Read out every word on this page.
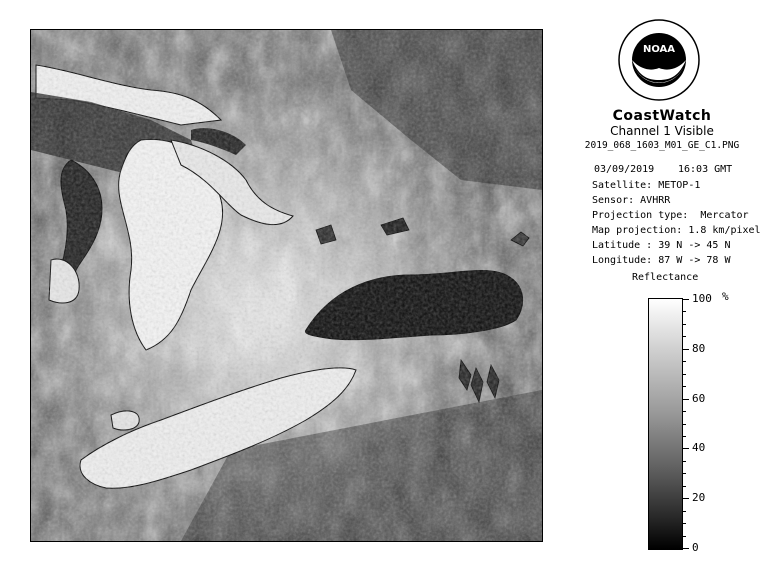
NOAA
CoastWatch
Channel 1 Visible
2019_068_1603_M01_GE_C1.PNG
03/09/2019 16:03 GMT
Satellite: METOP-1
Sensor: AVHRR
Projection type:  Mercator
Map projection: 1.8 km/pixel
Latitude : 39 N -> 45 N
Longitude: 87 W -> 78 W
Reflectance
%
100
80
60
40
20
0
